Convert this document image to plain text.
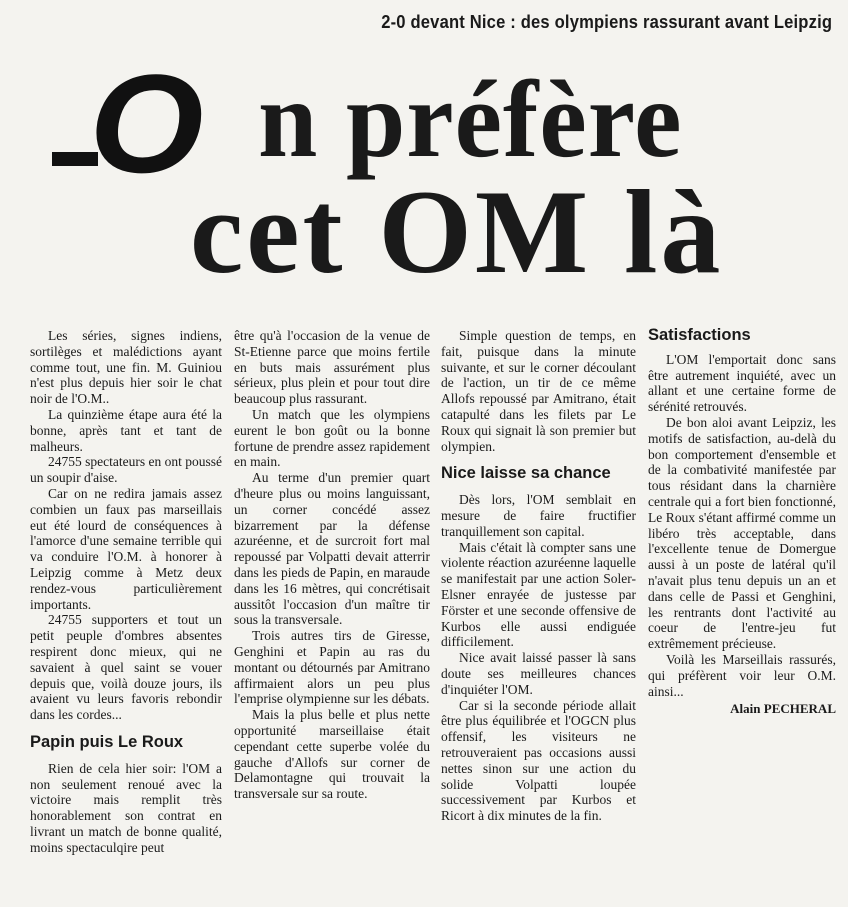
2-0 devant Nice : des olympiens rassurant avant Leipzig
O n préfère
cet OM là

Les séries, signes indiens, sortilèges et malédictions ayant comme tout, une fin. M. Guiniou n'est plus depuis hier soir le chat noir de l'O.M..

La quinzième étape aura été la bonne, après tant et tant de malheurs.

24755 spectateurs en ont poussé un soupir d'aise.

Car on ne redira jamais assez combien un faux pas marseillais eut été lourd de conséquences à l'amorce d'une semaine terrible qui va conduire l'O.M. à honorer à Leipzig comme à Metz deux rendez-vous particulièrement importants.

24755 supporters et tout un petit peuple d'ombres absentes respirent donc mieux, qui ne savaient à quel saint se vouer depuis que, voilà douze jours, ils avaient vu leurs favoris rebondir dans les cordes...

Papin puis Le Roux

Rien de cela hier soir: l'OM a non seulement renoué avec la victoire mais remplit très honorablement son contrat en livrant un match de bonne qualité, moins spectaculqire peut

être qu'à l'occasion de la venue de St-Etienne parce que moins fertile en buts mais assurément plus sérieux, plus plein et pour tout dire beaucoup plus rassurant.

Un match que les olympiens eurent le bon goût ou la bonne fortune de prendre assez rapidement en main.

Au terme d'un premier quart d'heure plus ou moins languissant, un corner concédé assez bizarrement par la défense azuréenne, et de surcroit fort mal repoussé par Volpatti devait atterrir dans les pieds de Papin, en maraude dans les 16 mètres, qui concrétisait aussitôt l'occasion d'un maître tir sous la transversale.

Trois autres tirs de Giresse, Genghini et Papin au ras du montant ou détournés par Amitrano affirmaient alors un peu plus l'emprise olympienne sur les débats.

Mais la plus belle et plus nette opportunité marseillaise était cependant cette superbe volée du gauche d'Allofs sur corner de Delamontagne qui trouvait la transversale sur sa route.

Simple question de temps, en fait, puisque dans la minute suivante, et sur le corner découlant de l'action, un tir de ce même Allofs repoussé par Amitrano, était catapulté dans les filets par Le Roux qui signait là son premier but olympien.

Nice laisse sa chance

Dès lors, l'OM semblait en mesure de faire fructifier tranquillement son capital.

Mais c'était là compter sans une violente réaction azuréenne laquelle se manifestait par une action Soler-Elsner enrayée de justesse par Förster et une seconde offensive de Kurbos elle aussi endiguée difficilement.

Nice avait laissé passer là sans doute ses meilleures chances d'inquiéter l'OM.

Car si la seconde période allait être plus équilibrée et l'OGCN plus offensif, les visiteurs ne retrouveraient pas occasions aussi nettes sinon sur une action du solide Volpatti loupée successivement par Kurbos et Ricort à dix minutes de la fin.

Satisfactions

L'OM l'emportait donc sans être autrement inquiété, avec un allant et une certaine forme de sérénité retrouvés.

De bon aloi avant Leipziz, les motifs de satisfaction, au-delà du bon comportement d'ensemble et de la combativité manifestée par tous résidant dans la charnière centrale qui a fort bien fonctionné, Le Roux s'étant affirmé comme un libéro très acceptable, dans l'excellente tenue de Domergue aussi à un poste de latéral qu'il n'avait plus tenu depuis un an et dans celle de Passi et Genghini, les rentrants dont l'activité au coeur de l'entre-jeu fut extrêmement précieuse.

Voilà les Marseillais rassurés, qui préfèrent voir leur O.M. ainsi...

Alain PECHERAL
